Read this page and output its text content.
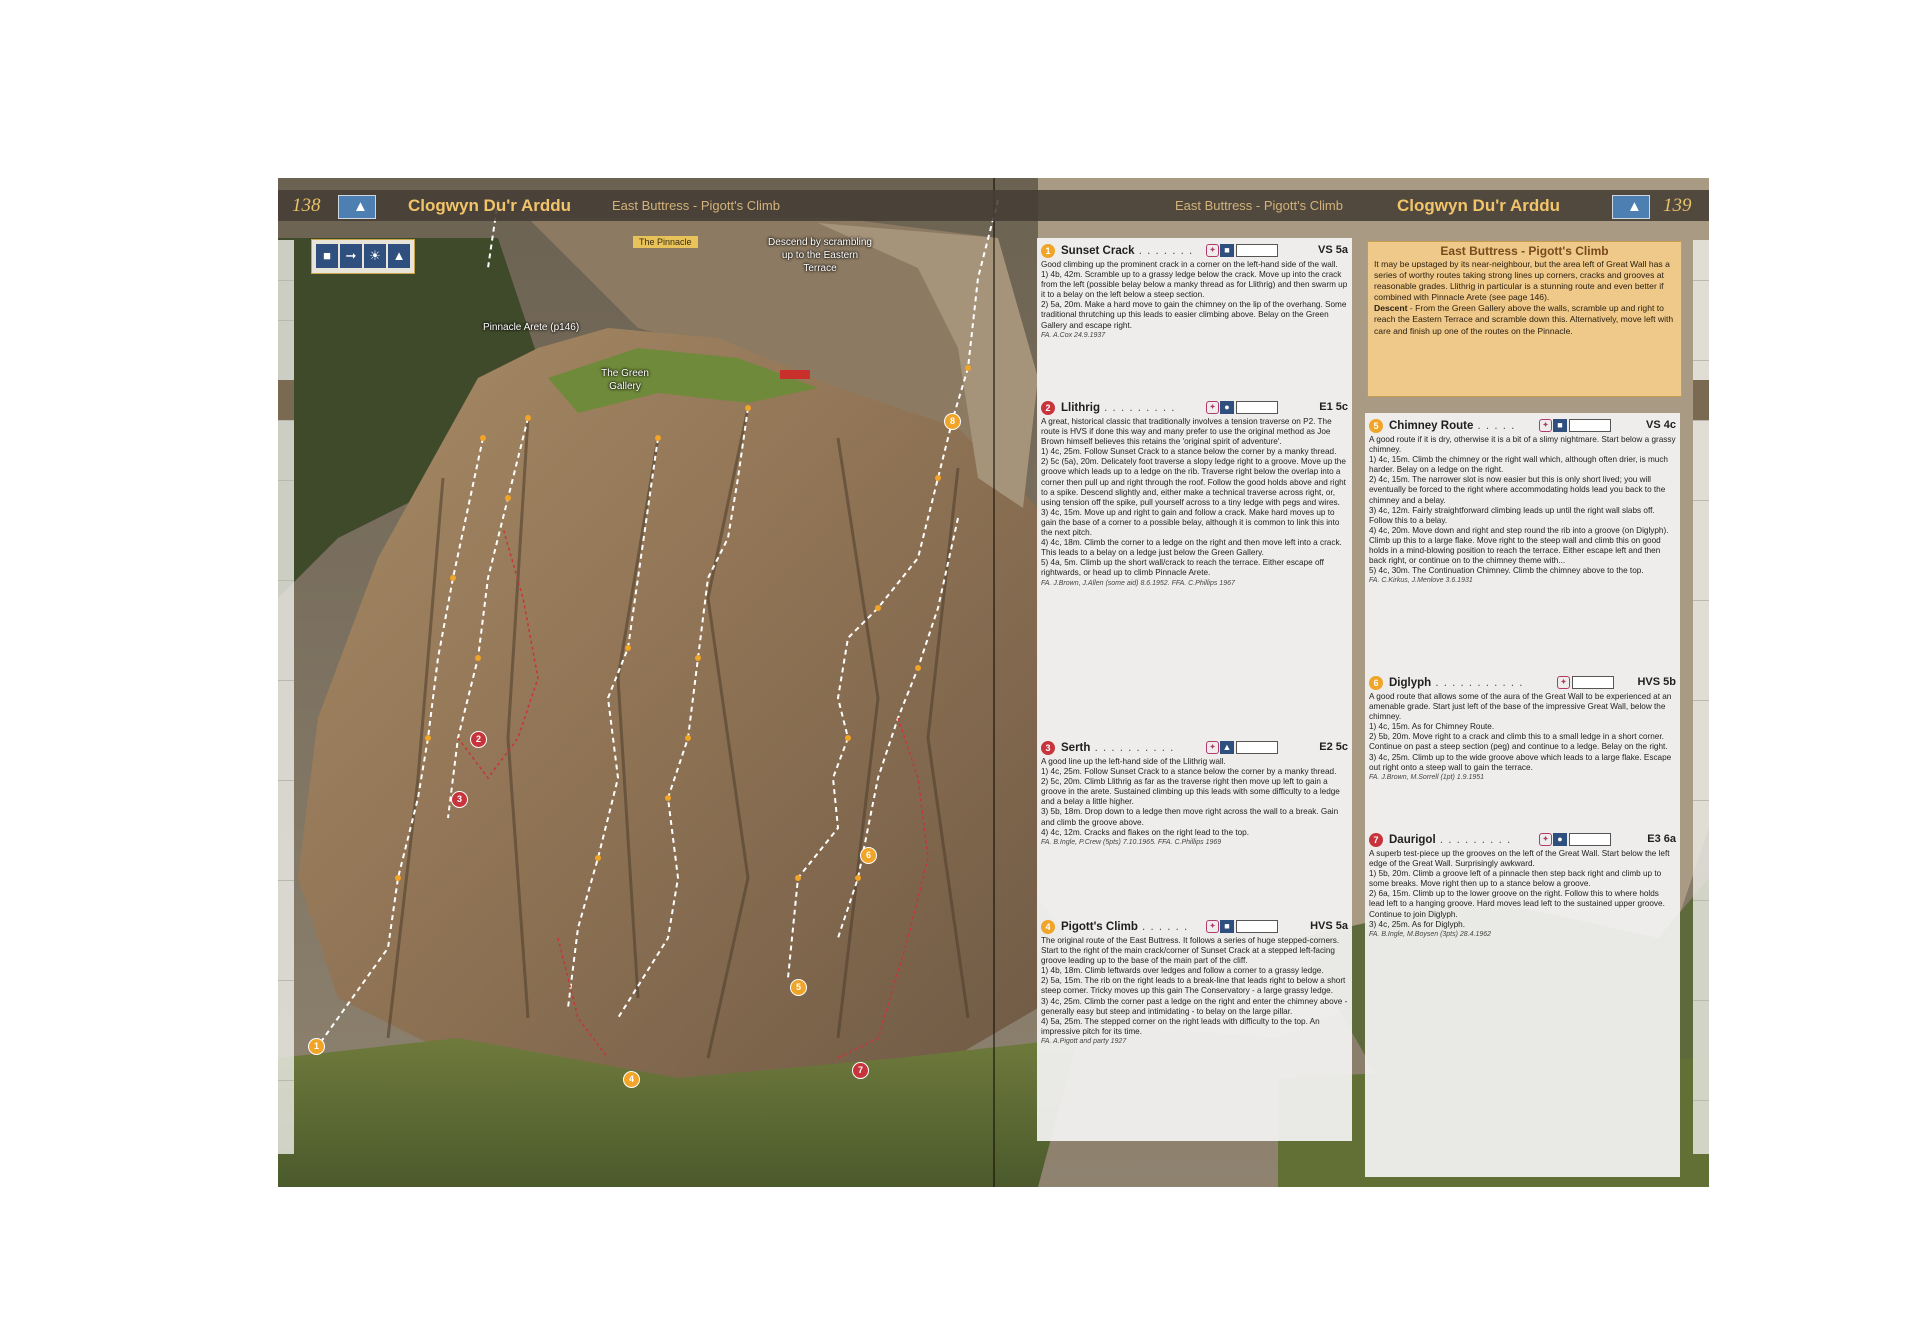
138 ▲ Clogwyn Du'r Arddu	East Buttress - Pigott's Climb	East Buttress - Pigott's Climb	Clogwyn Du'r Arddu	▲ 139
■	➞ ☀ ▲
The Pinnacle	Descend by scrambling up to the Eastern Terrace
Pinnacle Arete (p146)
The Green Gallery
1
2
3
4
5
6
7
8
1 Sunset Crack . . . . . . .	✦ ■	VS 5a

Good climbing up the prominent crack in a corner on the left-hand side of the wall.

1) 4b, 42m. Scramble up to a grassy ledge below the crack. Move up into the crack from the left (possible belay below a manky thread as for Llithrig) and then swarm up it to a belay on the left below a steep section.

2) 5a, 20m. Make a hard move to gain the chimney on the lip of the overhang. Some traditional thrutching up this leads to easier climbing above. Belay on the Green Gallery and escape right.

FA. A.Cox 24.9.1937

2 Llithrig . . . . . . . . .	✦ ●	E1 5c

A great, historical classic that traditionally involves a tension traverse on P2. The route is HVS if done this way and many prefer to use the original method as Joe Brown himself believes this retains the 'original spirit of adventure'.

1) 4c, 25m. Follow Sunset Crack to a stance below the corner by a manky thread.

2) 5c (5a), 20m. Delicately foot traverse a slopy ledge right to a groove. Move up the groove which leads up to a ledge on the rib. Traverse right below the overlap into a corner then pull up and right through the roof. Follow the good holds above and right to a spike. Descend slightly and, either make a technical traverse across right, or, using tension off the spike, pull yourself across to a tiny ledge with pegs and wires.

3) 4c, 15m. Move up and right to gain and follow a crack. Make hard moves up to gain the base of a corner to a possible belay, although it is common to link this into the next pitch.

4) 4c, 18m. Climb the corner to a ledge on the right and then move left into a crack. This leads to a belay on a ledge just below the Green Gallery.

5) 4a, 5m. Climb up the short wall/crack to reach the terrace. Either escape off rightwards, or head up to climb Pinnacle Arete.

FA. J.Brown, J.Allen (some aid) 8.6.1952. FFA. C.Phillips 1967

3 Serth . . . . . . . . . .	✦ ▲	E2 5c

A good line up the left-hand side of the Llithrig wall.

1) 4c, 25m. Follow Sunset Crack to a stance below the corner by a manky thread.

2) 5c, 20m. Climb Llithrig as far as the traverse right then move up left to gain a groove in the arete. Sustained climbing up this leads with some difficulty to a ledge and a belay a little higher.

3) 5b, 18m. Drop down to a ledge then move right across the wall to a break. Gain and climb the groove above.

4) 4c, 12m. Cracks and flakes on the right lead to the top.

FA. B.Ingle, P.Crew (5pts) 7.10.1965. FFA. C.Phillips 1969

4 Pigott's Climb . . . . . .	✦ ■	HVS 5a

The original route of the East Buttress. It follows a series of huge stepped-corners. Start to the right of the main crack/corner of Sunset Crack at a stepped left-facing groove leading up to the base of the main part of the cliff.

1) 4b, 18m. Climb leftwards over ledges and follow a corner to a grassy ledge.

2) 5a, 15m. The rib on the right leads to a break-line that leads right to below a short steep corner. Tricky moves up this gain The Conservatory - a large grassy ledge.

3) 4c, 25m. Climb the corner past a ledge on the right and enter the chimney above - generally easy but steep and intimidating - to belay on the large pillar.

4) 5a, 25m. The stepped corner on the right leads with difficulty to the top. An impressive pitch for its time.

FA. A.Pigott and party 1927

East Buttress - Pigott's Climb

It may be upstaged by its near-neighbour, but the area left of Great Wall has a series of worthy routes taking strong lines up corners, cracks and grooves at reasonable grades. Llithrig in particular is a stunning route and even better if combined with Pinnacle Arete (see page 146).

Descent - From the Green Gallery above the walls, scramble up and right to reach the Eastern Terrace and scramble down this. Alternatively, move left with care and finish up one of the routes on the Pinnacle.

5 Chimney Route . . . . .	✦ ■	VS 4c

A good route if it is dry, otherwise it is a bit of a slimy nightmare. Start below a grassy chimney.

1) 4c, 15m. Climb the chimney or the right wall which, although often drier, is much harder. Belay on a ledge on the right.

2) 4c, 15m. The narrower slot is now easier but this is only short lived; you will eventually be forced to the right where accommodating holds lead you back to the chimney and a belay.

3) 4c, 12m. Fairly straightforward climbing leads up until the right wall slabs off. Follow this to a belay.

4) 4c, 20m. Move down and right and step round the rib into a groove (on Diglyph). Climb up this to a large flake. Move right to the steep wall and climb this on good holds in a mind-blowing position to reach the terrace. Either escape left and then back right, or continue on to the chimney theme with...

5) 4c, 30m. The Continuation Chimney. Climb the chimney above to the top.

FA. C.Kirkus, J.Menlove 3.6.1931

6 Diglyph . . . . . . . . . . .	✦	HVS 5b

A good route that allows some of the aura of the Great Wall to be experienced at an amenable grade. Start just left of the base of the impressive Great Wall, below the chimney.

1) 4c, 15m. As for Chimney Route.

2) 5b, 20m. Move right to a crack and climb this to a small ledge in a short corner. Continue on past a steep section (peg) and continue to a ledge. Belay on the right.

3) 4c, 25m. Climb up to the wide groove above which leads to a large flake. Escape out right onto a steep wall to gain the terrace.

FA. J.Brown, M.Sorrell (1pt) 1.9.1951

7 Daurigol . . . . . . . . .	✦ ●	E3 6a

A superb test-piece up the grooves on the left of the Great Wall. Start below the left edge of the Great Wall. Surprisingly awkward.

1) 5b, 20m. Climb a groove left of a pinnacle then step back right and climb up to some breaks. Move right then up to a stance below a groove.

2) 6a, 15m. Climb up to the lower groove on the right. Follow this to where holds lead left to a hanging groove. Hard moves lead left to the sustained upper groove. Continue to join Diglyph.

3) 4c, 25m. As for Diglyph.

FA. B.Ingle, M.Boysen (3pts) 28.4.1962
